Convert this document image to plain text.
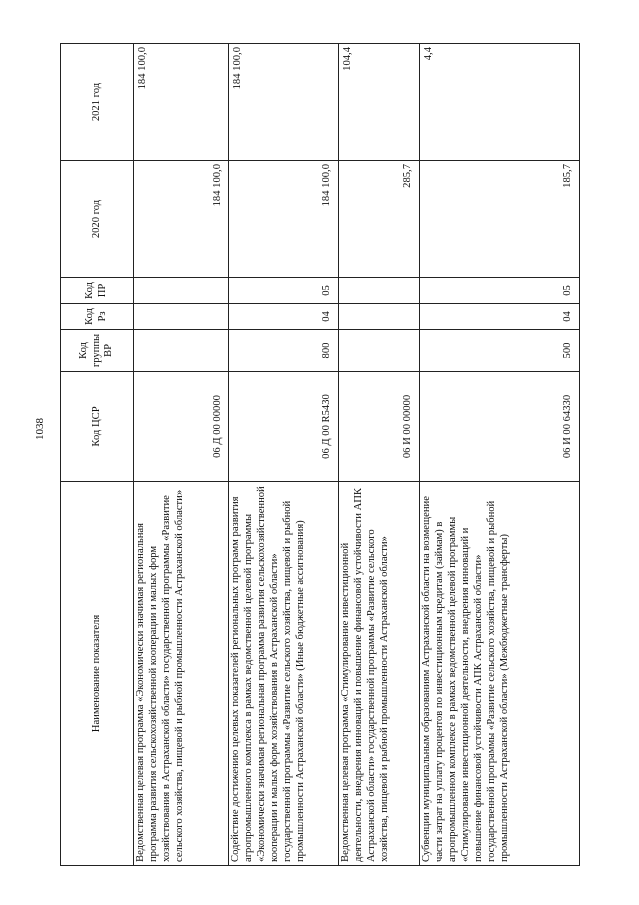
1038
Наименование показателя	Код ЦСР	Код группы ВР	Код Рз	Код ПР	2020 год	2021 год
Ведомственная целевая программа «Экономически значимая региональная программа развития сельскохозяйственной кооперации и малых форм хозяйствования в Астраханской области» государственной программы «Развитие сельского хозяйства, пищевой и рыбной промышленности Астраханской области»	06 Д 00 00000				184 100,0	184 100,0
Содействие достижению целевых показателей региональных программ развития агропромышленного комплекса в рамках ведомственной целевой программы «Экономически значимая региональная программа развития сельскохозяйственной кооперации и малых форм хозяйствования в Астраханской области» государственной программы «Развитие сельского хозяйства, пищевой и рыбной промышленности Астраханской области» (Иные бюджетные ассигнования)	06 Д 00 R5430	800	04	05	184 100,0	184 100,0
Ведомственная целевая программа «Стимулирование инвестиционной деятельности, внедрения инноваций и повышение финансовой устойчивости АПК Астраханской области» государственной программы «Развитие сельского хозяйства, пищевой и рыбной промышленности Астраханской области»	06 И 00 00000				285,7	104,4
Субвенции муниципальным образованиям Астраханской области на возмещение части затрат на уплату процентов по инвестиционным кредитам (займам) в агропромышленном комплексе в рамках ведомственной целевой программы «Стимулирование инвестиционной деятельности, внедрения инноваций и повышение финансовой устойчивости АПК Астраханской области» государственной программы «Развитие сельского хозяйства, пищевой и рыбной промышленности Астраханской области» (Межбюджетные трансферты)	06 И 00 64330	500	04	05	185,7	4,4
